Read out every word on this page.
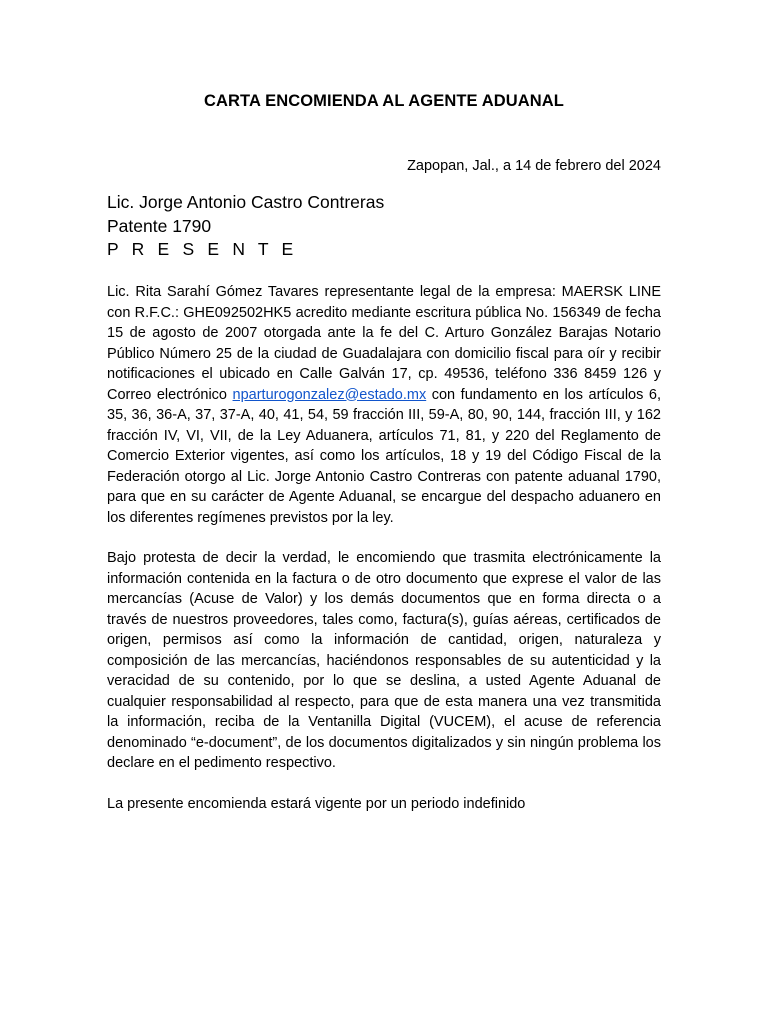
CARTA ENCOMIENDA AL AGENTE ADUANAL
Zapopan, Jal., a 14 de febrero del 2024
Lic. Jorge Antonio Castro Contreras
Patente 1790
P R E S E N T E

Lic. Rita Sarahí Gómez Tavares representante legal de la empresa: MAERSK LINE con R.F.C.: GHE092502HK5 acredito mediante escritura pública No. 156349 de fecha 15 de agosto de 2007 otorgada ante la fe del C. Arturo González Barajas Notario Público Número 25 de la ciudad de Guadalajara con domicilio fiscal para oír y recibir notificaciones el ubicado en Calle Galván 17, cp. 49536, teléfono 336 8459 126 y Correo electrónico nparturogonzalez@estado.mx con fundamento en los artículos 6, 35, 36, 36-A, 37, 37-A, 40, 41, 54, 59 fracción III, 59-A, 80, 90, 144, fracción III, y 162 fracción IV, VI, VII, de la Ley Aduanera, artículos 71, 81, y 220 del Reglamento de Comercio Exterior vigentes, así como los artículos, 18 y 19 del Código Fiscal de la Federación otorgo al Lic. Jorge Antonio Castro Contreras con patente aduanal 1790, para que en su carácter de Agente Aduanal, se encargue del despacho aduanero en los diferentes regímenes previstos por la ley.

Bajo protesta de decir la verdad, le encomiendo que trasmita electrónicamente la información contenida en la factura o de otro documento que exprese el valor de las mercancías (Acuse de Valor) y los demás documentos que en forma directa o a través de nuestros proveedores, tales como, factura(s), guías aéreas, certificados de origen, permisos así como la información de cantidad, origen, naturaleza y composición de las mercancías, haciéndonos responsables de su autenticidad y la veracidad de su contenido, por lo que se deslina, a usted Agente Aduanal de cualquier responsabilidad al respecto, para que de esta manera una vez transmitida la información, reciba de la Ventanilla Digital (VUCEM), el acuse de referencia denominado “e-document”, de los documentos digitalizados y sin ningún problema los declare en el pedimento respectivo.

La presente encomienda estará vigente por un periodo indefinido
